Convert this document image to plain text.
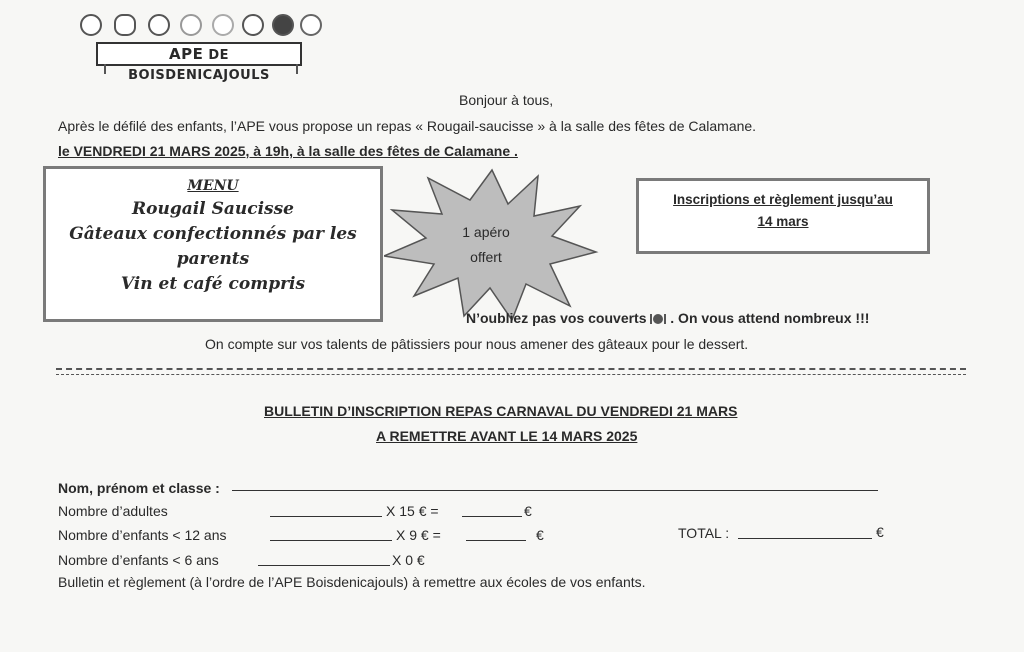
APE DE BOISDENICAJOULS
Bonjour à tous,
Après le défilé des enfants, l’APE vous propose un repas « Rougail-saucisse » à la salle des fêtes de Calamane.
le VENDREDI 21 MARS 2025, à 19h, à la salle des fêtes de Calamane .
MENU
Rougail Saucisse
Gâteaux confectionnés par les
parents
Vin et café compris
1 apéro
offert
Inscriptions et règlement jusqu’au
14 mars
N’oubliez pas vos couverts . On vous attend nombreux !!!
On compte sur vos talents de pâtissiers pour nous amener des gâteaux pour le dessert.
BULLETIN D’INSCRIPTION REPAS CARNAVAL DU VENDREDI 21 MARS
A REMETTRE AVANT LE 14 MARS 2025
Nom, prénom et classe :
Nombre d’adultes	X 15 € =	€
Nombre d’enfants < 12 ans	X 9 € =	€	TOTAL :	€
Nombre d’enfants < 6 ans	X 0 €
Bulletin et règlement (à l’ordre de l’APE Boisdenicajouls) à remettre aux écoles de vos enfants.
